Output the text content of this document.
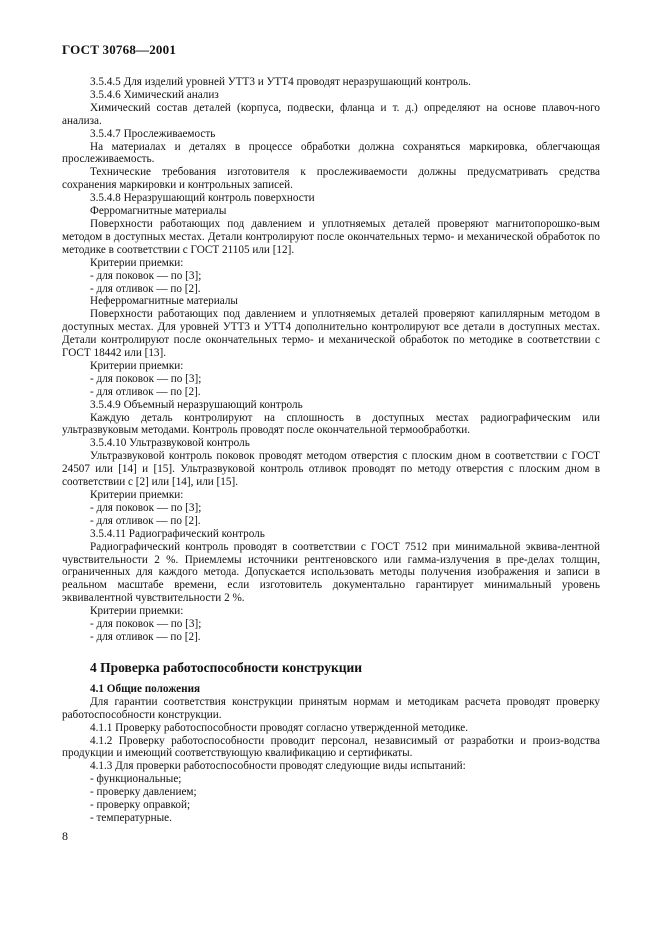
ГОСТ 30768—2001

3.5.4.5 Для изделий уровней УТТ3 и УТТ4 проводят неразрушающий контроль.

3.5.4.6 Химический анализ

Химический состав деталей (корпуса, подвески, фланца и т. д.) определяют на основе плавоч-ного анализа.

3.5.4.7 Прослеживаемость

На материалах и деталях в процессе обработки должна сохраняться маркировка, облегчающая прослеживаемость.

Технические требования изготовителя к прослеживаемости должны предусматривать средства сохранения маркировки и контрольных записей.

3.5.4.8 Неразрушающий контроль поверхности

Ферромагнитные материалы

Поверхности работающих под давлением и уплотняемых деталей проверяют магнитопорошко-вым методом в доступных местах. Детали контролируют после окончательных термо- и механической обработок по методике в соответствии с ГОСТ 21105 или [12].

Критерии приемки:

- для поковок — по [3];

- для отливок — по [2].

Неферромагнитные материалы

Поверхности работающих под давлением и уплотняемых деталей проверяют капиллярным методом в доступных местах. Для уровней УТТ3 и УТТ4 дополнительно контролируют все детали в доступных местах. Детали контролируют после окончательных термо- и механической обработок по методике в соответствии с ГОСТ 18442 или [13].

Критерии приемки:

- для поковок — по [3];

- для отливок — по [2].

3.5.4.9 Объемный неразрушающий контроль

Каждую деталь контролируют на сплошность в доступных местах радиографическим или ультразвуковым методами. Контроль проводят после окончательной термообработки.

3.5.4.10 Ультразвуковой контроль

Ультразвуковой контроль поковок проводят методом отверстия с плоским дном в соответствии с ГОСТ 24507 или [14] и [15]. Ультразвуковой контроль отливок проводят по методу отверстия с плоским дном в соответствии с [2] или [14], или [15].

Критерии приемки:

- для поковок — по [3];

- для отливок — по [2].

3.5.4.11 Радиографический контроль

Радиографический контроль проводят в соответствии с ГОСТ 7512 при минимальной эквива-лентной чувствительности 2 %. Приемлемы источники рентгеновского или гамма-излучения в пре-делах толщин, ограниченных для каждого метода. Допускается использовать методы получения изображения и записи в реальном масштабе времени, если изготовитель документально гарантирует минимальный уровень эквивалентной чувствительности 2 %.

Критерии приемки:

- для поковок — по [3];

- для отливок — по [2].

4 Проверка работоспособности конструкции

4.1 Общие положения

Для гарантии соответствия конструкции принятым нормам и методикам расчета проводят проверку работоспособности конструкции.

4.1.1 Проверку работоспособности проводят согласно утвержденной методике.

4.1.2 Проверку работоспособности проводит персонал, независимый от разработки и произ-водства продукции и имеющий соответствующую квалификацию и сертификаты.

4.1.3 Для проверки работоспособности проводят следующие виды испытаний:

- функциональные;

- проверку давлением;

- проверку оправкой;

- температурные.

8
